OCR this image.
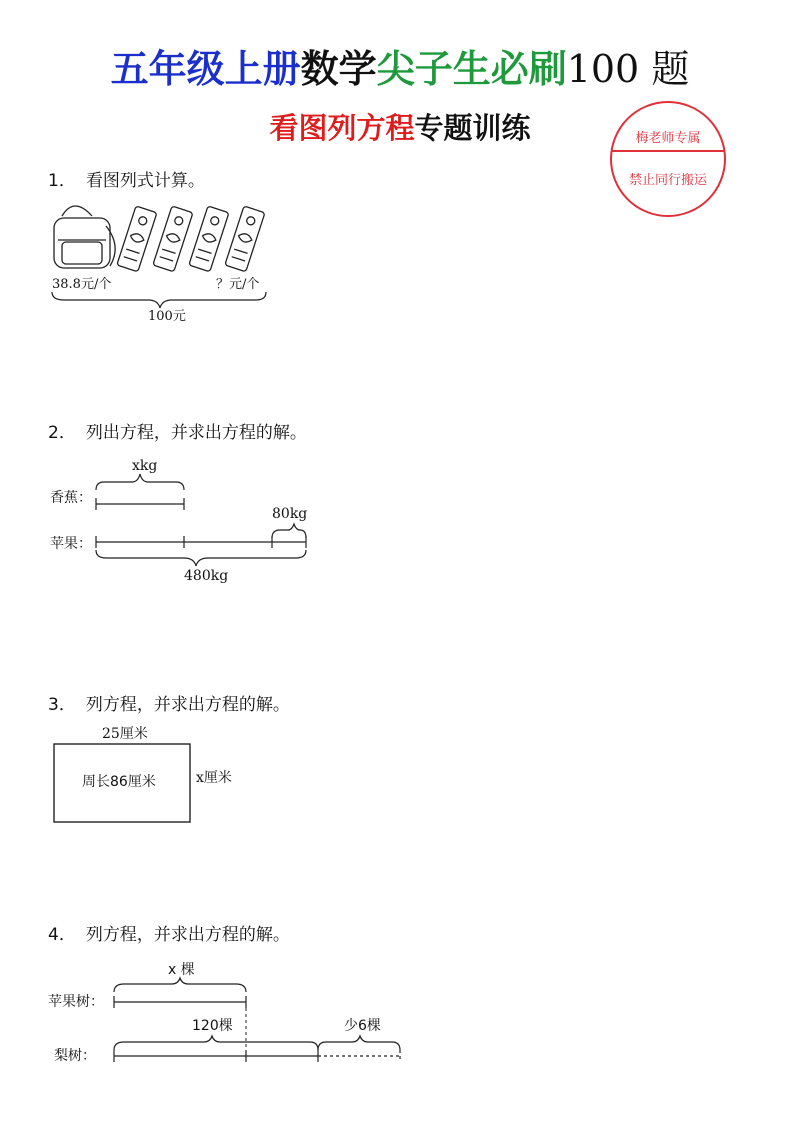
五年级上册数学尖子生必刷100 题
看图列方程专题训练	梅老师专属
禁止同行搬运
1． 看图列式计算。
38.8元/个	？元/个
100元
2． 列出方程，并求出方程的解。
xkg
香蕉：
80kg
苹果：
480kg
3． 列方程，并求出方程的解。
25厘米
周长86厘米	x厘米
4． 列方程，并求出方程的解。
x 棵
苹果树：
120棵	少6棵
梨树：
